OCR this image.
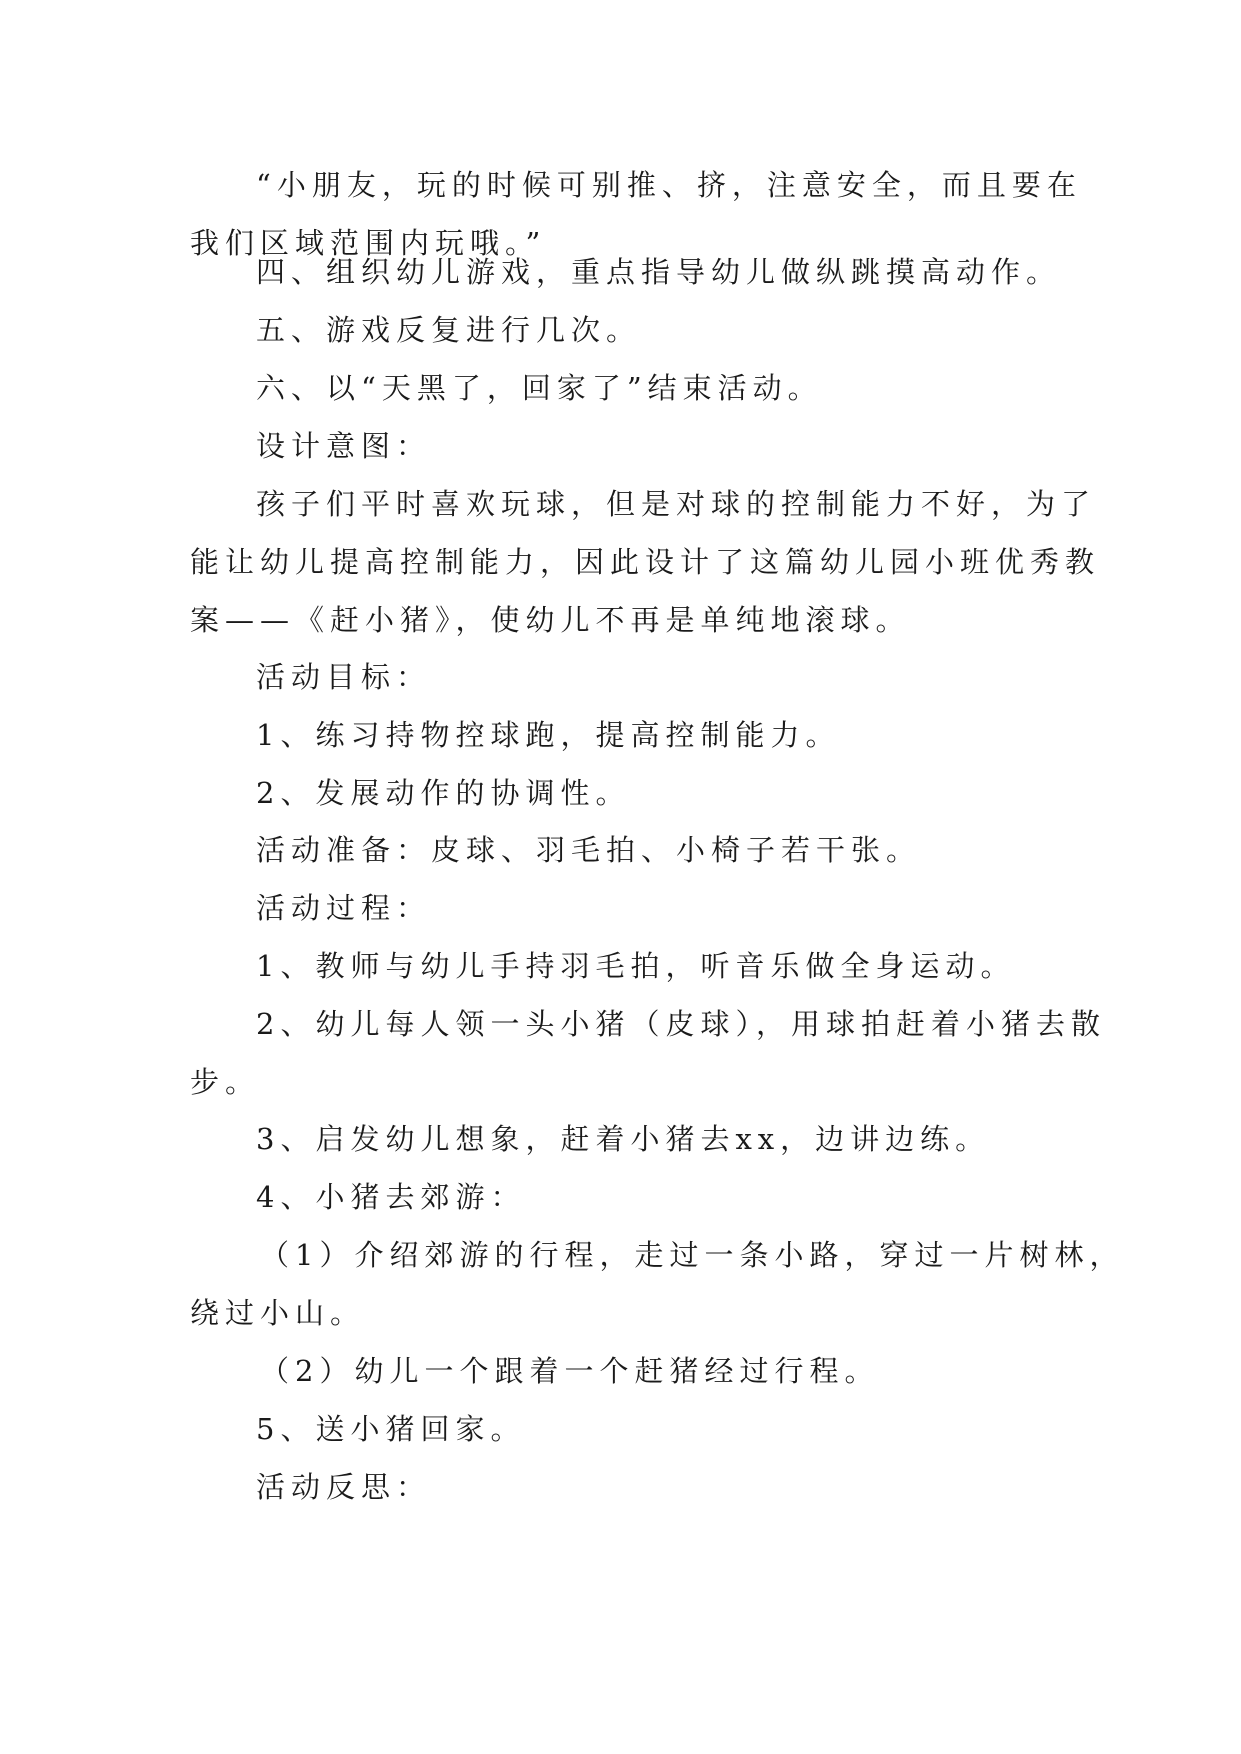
“小朋友，玩的时候可别推、挤，注意安全，而且要在
我们区域范围内玩哦。”

四、组织幼儿游戏，重点指导幼儿做纵跳摸高动作。

五、游戏反复进行几次。

六、以“天黑了，回家了”结束活动。

设计意图：

孩子们平时喜欢玩球，但是对球的控制能力不好，为了
能让幼儿提高控制能力，因此设计了这篇幼儿园小班优秀教
案——《赶小猪》，使幼儿不再是单纯地滚球。

活动目标：

1、练习持物控球跑，提高控制能力。

2、发展动作的协调性。

活动准备：皮球、羽毛拍、小椅子若干张。

活动过程：

1、教师与幼儿手持羽毛拍，听音乐做全身运动。

2、幼儿每人领一头小猪（皮球），用球拍赶着小猪去散
步。

3、启发幼儿想象，赶着小猪去xx，边讲边练。

4、小猪去郊游：

（1）介绍郊游的行程，走过一条小路，穿过一片树林，
绕过小山。

（2）幼儿一个跟着一个赶猪经过行程。

5、送小猪回家。

活动反思：
